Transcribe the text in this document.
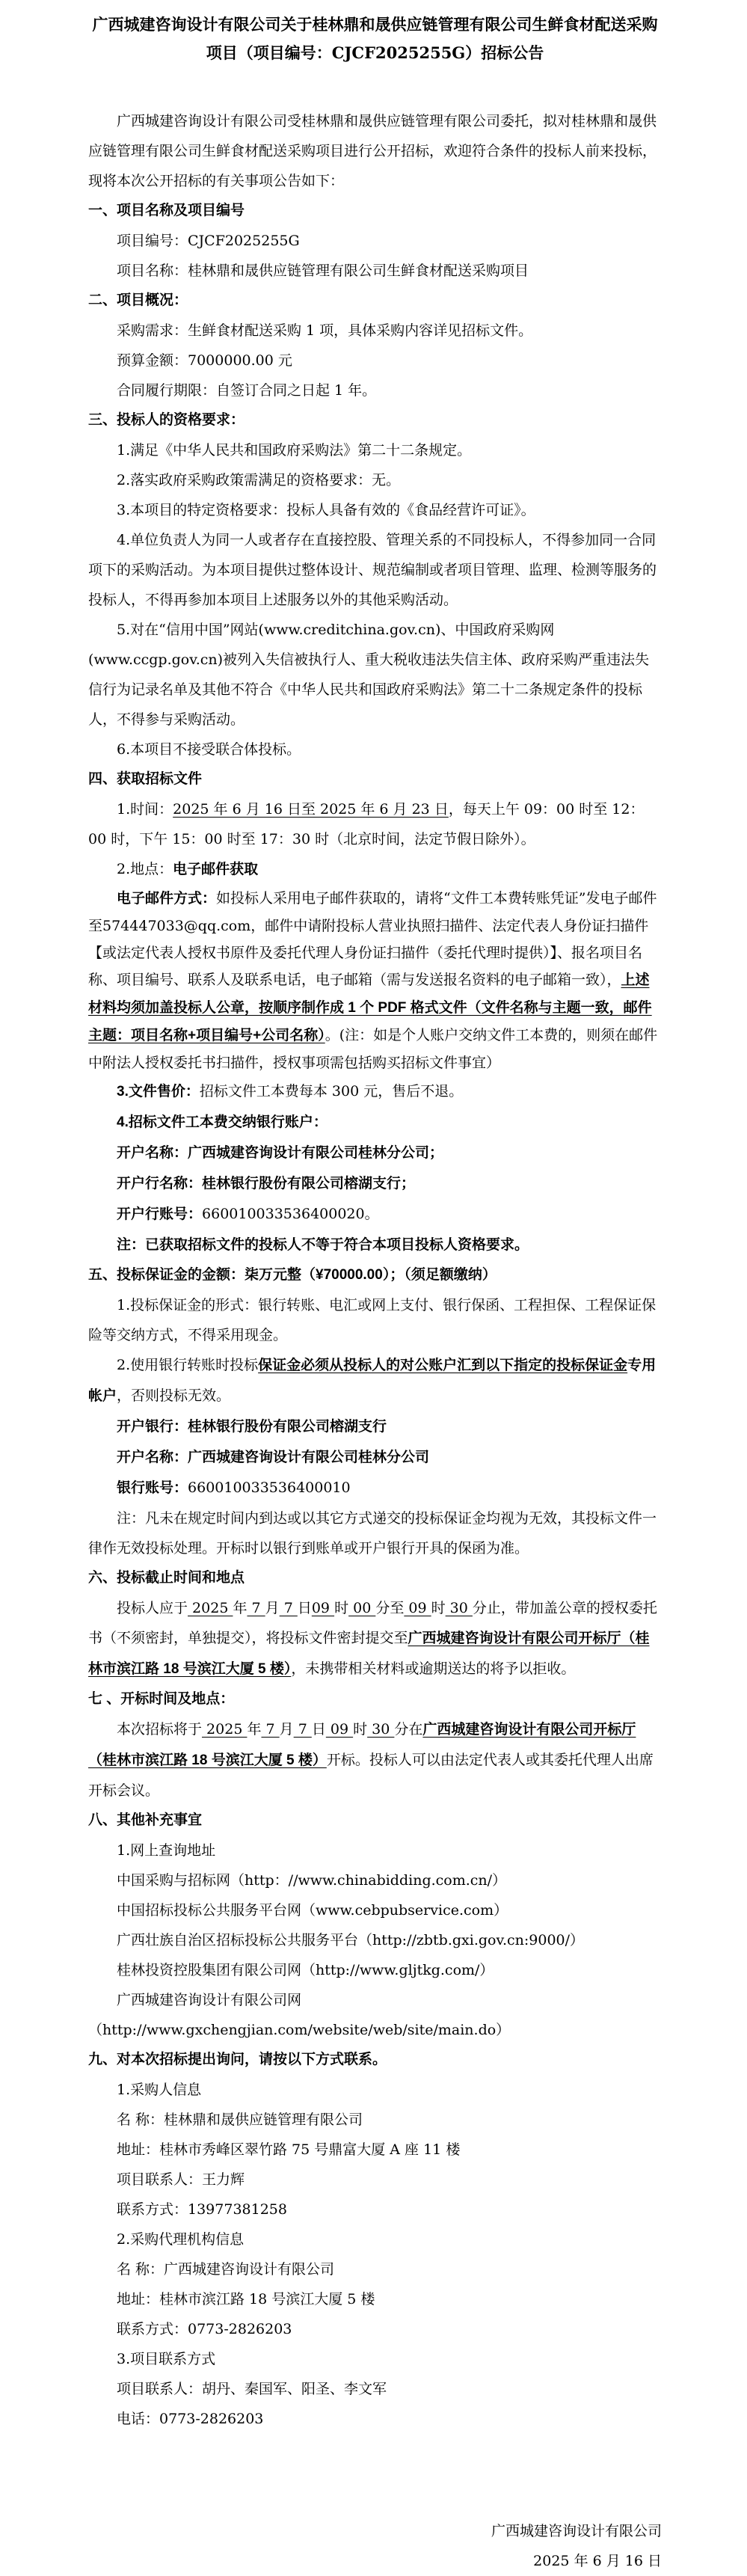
广西城建咨询设计有限公司关于桂林鼎和晟供应链管理有限公司生鲜食材配送采购项目（项目编号：CJCF2025255G）招标公告
广西城建咨询设计有限公司受桂林鼎和晟供应链管理有限公司委托，拟对桂林鼎和晟供应链管理有限公司生鲜食材配送采购项目进行公开招标，欢迎符合条件的投标人前来投标，现将本次公开招标的有关事项公告如下：
一、项目名称及项目编号
项目编号：CJCF2025255G
项目名称：桂林鼎和晟供应链管理有限公司生鲜食材配送采购项目
二、项目概况：
采购需求：生鲜食材配送采购 1 项，具体采购内容详见招标文件。
预算金额：7000000.00 元
合同履行期限：自签订合同之日起 1 年。
三、投标人的资格要求：
1.满足《中华人民共和国政府采购法》第二十二条规定。
2.落实政府采购政策需满足的资格要求：无。
3.本项目的特定资格要求：投标人具备有效的《食品经营许可证》。
4.单位负责人为同一人或者存在直接控股、管理关系的不同投标人，不得参加同一合同项下的采购活动。为本项目提供过整体设计、规范编制或者项目管理、监理、检测等服务的投标人，不得再参加本项目上述服务以外的其他采购活动。
5.对在“信用中国”网站(www.creditchina.gov.cn)、中国政府采购网(www.ccgp.gov.cn)被列入失信被执行人、重大税收违法失信主体、政府采购严重违法失信行为记录名单及其他不符合《中华人民共和国政府采购法》第二十二条规定条件的投标人，不得参与采购活动。
6.本项目不接受联合体投标。
四、获取招标文件
1.时间：2025 年 6 月 16 日至 2025 年 6 月 23 日，每天上午 09：00 时至 12：00 时，下午 15：00 时至 17：30 时（北京时间，法定节假日除外）。
2.地点：电子邮件获取
电子邮件方式：如投标人采用电子邮件获取的，请将“文件工本费转账凭证”发电子邮件至574447033@qq.com，邮件中请附投标人营业执照扫描件、法定代表人身份证扫描件【或法定代表人授权书原件及委托代理人身份证扫描件（委托代理时提供）】、报名项目名称、项目编号、联系人及联系电话，电子邮箱（需与发送报名资料的电子邮箱一致），上述材料均须加盖投标人公章，按顺序制作成 1 个 PDF 格式文件（文件名称与主题一致，邮件主题：项目名称+项目编号+公司名称）。(注：如是个人账户交纳文件工本费的，则须在邮件中附法人授权委托书扫描件，授权事项需包括购买招标文件事宜）
3.文件售价：招标文件工本费每本 300 元，售后不退。
4.招标文件工本费交纳银行账户：
开户名称：广西城建咨询设计有限公司桂林分公司；
开户行名称：桂林银行股份有限公司榕湖支行；
开户行账号：660010033536400020。
注：已获取招标文件的投标人不等于符合本项目投标人资格要求。
五、投标保证金的金额：柒万元整（¥70000.00）；（须足额缴纳）
1.投标保证金的形式：银行转账、电汇或网上支付、银行保函、工程担保、工程保证保险等交纳方式，不得采用现金。
2.使用银行转账时投标保证金必须从投标人的对公账户汇到以下指定的投标保证金专用帐户，否则投标无效。
开户银行：桂林银行股份有限公司榕湖支行
开户名称：广西城建咨询设计有限公司桂林分公司
银行账号：660010033536400010
注：凡未在规定时间内到达或以其它方式递交的投标保证金均视为无效，其投标文件一律作无效投标处理。开标时以银行到账单或开户银行开具的保函为准。
六、投标截止时间和地点
投标人应于 2025 年 7 月 7 日09 时 00 分至 09 时 30 分止，带加盖公章的授权委托书（不须密封，单独提交），将投标文件密封提交至广西城建咨询设计有限公司开标厅（桂林市滨江路 18 号滨江大厦 5 楼），未携带相关材料或逾期送达的将予以拒收。
七 、开标时间及地点：
本次招标将于 2025 年 7 月 7 日 09 时 30 分在广西城建咨询设计有限公司开标厅（桂林市滨江路 18 号滨江大厦 5 楼）开标。投标人可以由法定代表人或其委托代理人出席开标会议。
八、其他补充事宜
1.网上查询地址
中国采购与招标网（http：//www.chinabidding.com.cn/）
中国招标投标公共服务平台网（www.cebpubservice.com）
广西壮族自治区招标投标公共服务平台（http://zbtb.gxi.gov.cn:9000/）
桂林投资控股集团有限公司网（http://www.gljtkg.com/）
广西城建咨询设计有限公司网（http://www.gxchengjian.com/website/web/site/main.do）
九、对本次招标提出询问，请按以下方式联系。
1.采购人信息
名 称：桂林鼎和晟供应链管理有限公司
地址：桂林市秀峰区翠竹路 75 号鼎富大厦 A 座 11 楼
项目联系人：王力辉
联系方式：13977381258
2.采购代理机构信息
名 称：广西城建咨询设计有限公司
地址：桂林市滨江路 18 号滨江大厦 5 楼
联系方式：0773-2826203
3.项目联系方式
项目联系人：胡丹、秦国军、阳圣、李文军
电话：0773-2826203
广西城建咨询设计有限公司
2025 年 6 月 16 日
